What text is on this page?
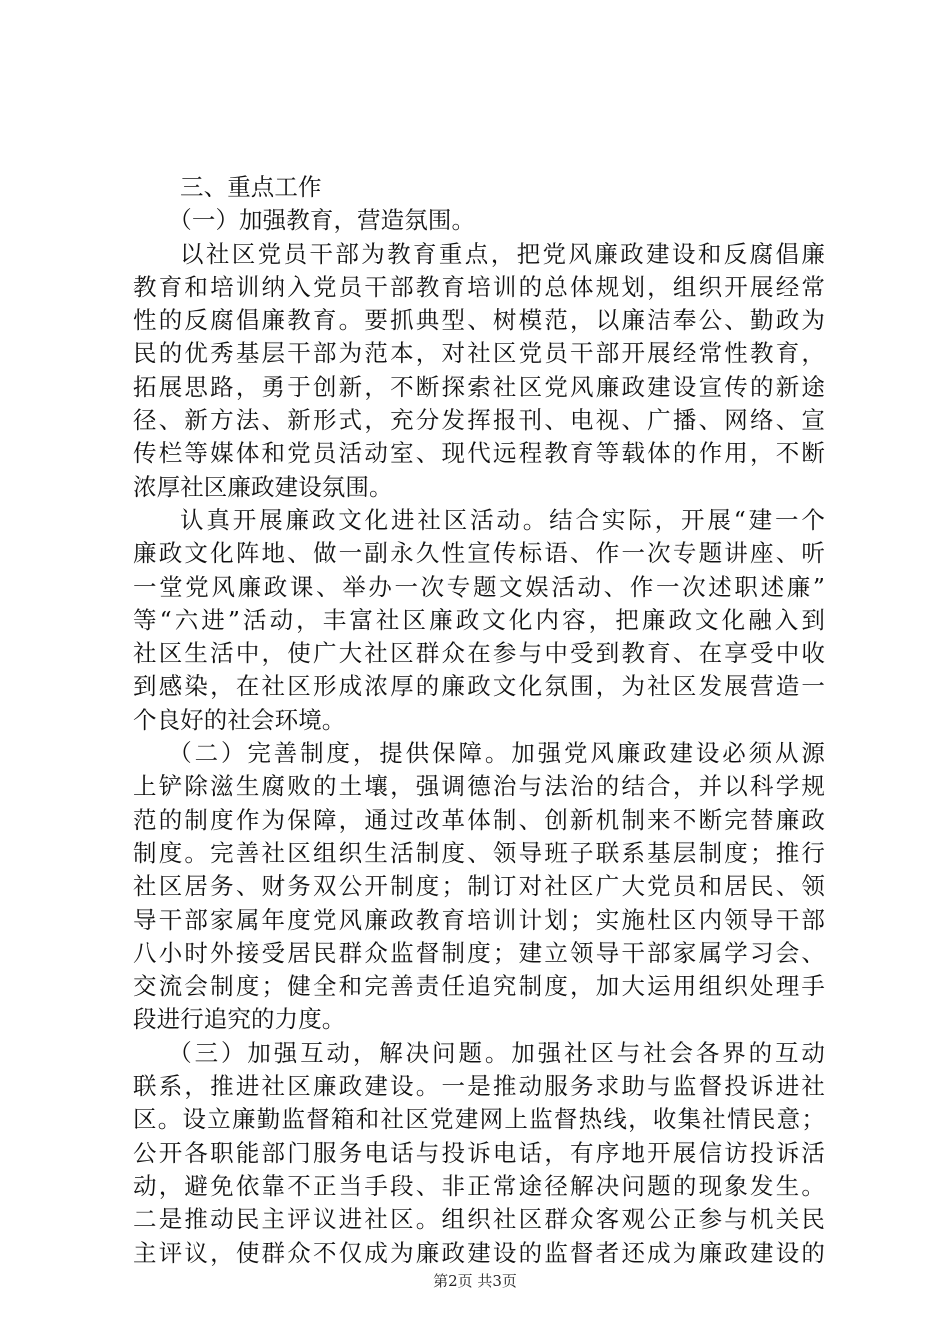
三、重点工作
（一）加强教育，营造氛围。
以社区党员干部为教育重点，把党风廉政建设和反腐倡廉
教育和培训纳入党员干部教育培训的总体规划，组织开展经常
性的反腐倡廉教育。要抓典型、树模范，以廉洁奉公、勤政为
民的优秀基层干部为范本，对社区党员干部开展经常性教育，
拓展思路，勇于创新，不断探索社区党风廉政建设宣传的新途
径、新方法、新形式，充分发挥报刊、电视、广播、网络、宣
传栏等媒体和党员活动室、现代远程教育等载体的作用，不断
浓厚社区廉政建设氛围。
认真开展廉政文化进社区活动。结合实际，开展“建一个
廉政文化阵地、做一副永久性宣传标语、作一次专题讲座、听
一堂党风廉政课、举办一次专题文娱活动、作一次述职述廉”
等“六进”活动，丰富社区廉政文化内容，把廉政文化融入到
社区生活中，使广大社区群众在参与中受到教育、在享受中收
到感染，在社区形成浓厚的廉政文化氛围，为社区发展营造一
个良好的社会环境。
（二）完善制度，提供保障。加强党风廉政建设必须从源
上铲除滋生腐败的土壤，强调德治与法治的结合，并以科学规
范的制度作为保障，通过改革体制、创新机制来不断完替廉政
制度。完善社区组织生活制度、领导班子联系基层制度；推行
社区居务、财务双公开制度；制订对社区广大党员和居民、领
导干部家属年度党风廉政教育培训计划；实施杜区内领导干部
八小时外接受居民群众监督制度；建立领导干部家属学习会、
交流会制度；健全和完善责任追究制度，加大运用组织处理手
段进行追究的力度。
（三）加强互动，解决问题。加强社区与社会各界的互动
联系，推进社区廉政建设。一是推动服务求助与监督投诉进社
区。设立廉勤监督箱和社区党建网上监督热线，收集社情民意；
公开各职能部门服务电话与投诉电话，有序地开展信访投诉活
动，避免依靠不正当手段、非正常途径解决问题的现象发生。
二是推动民主评议进社区。组织社区群众客观公正参与机关民
主评议，使群众不仅成为廉政建设的监督者还成为廉政建设的
第2页 共3页
